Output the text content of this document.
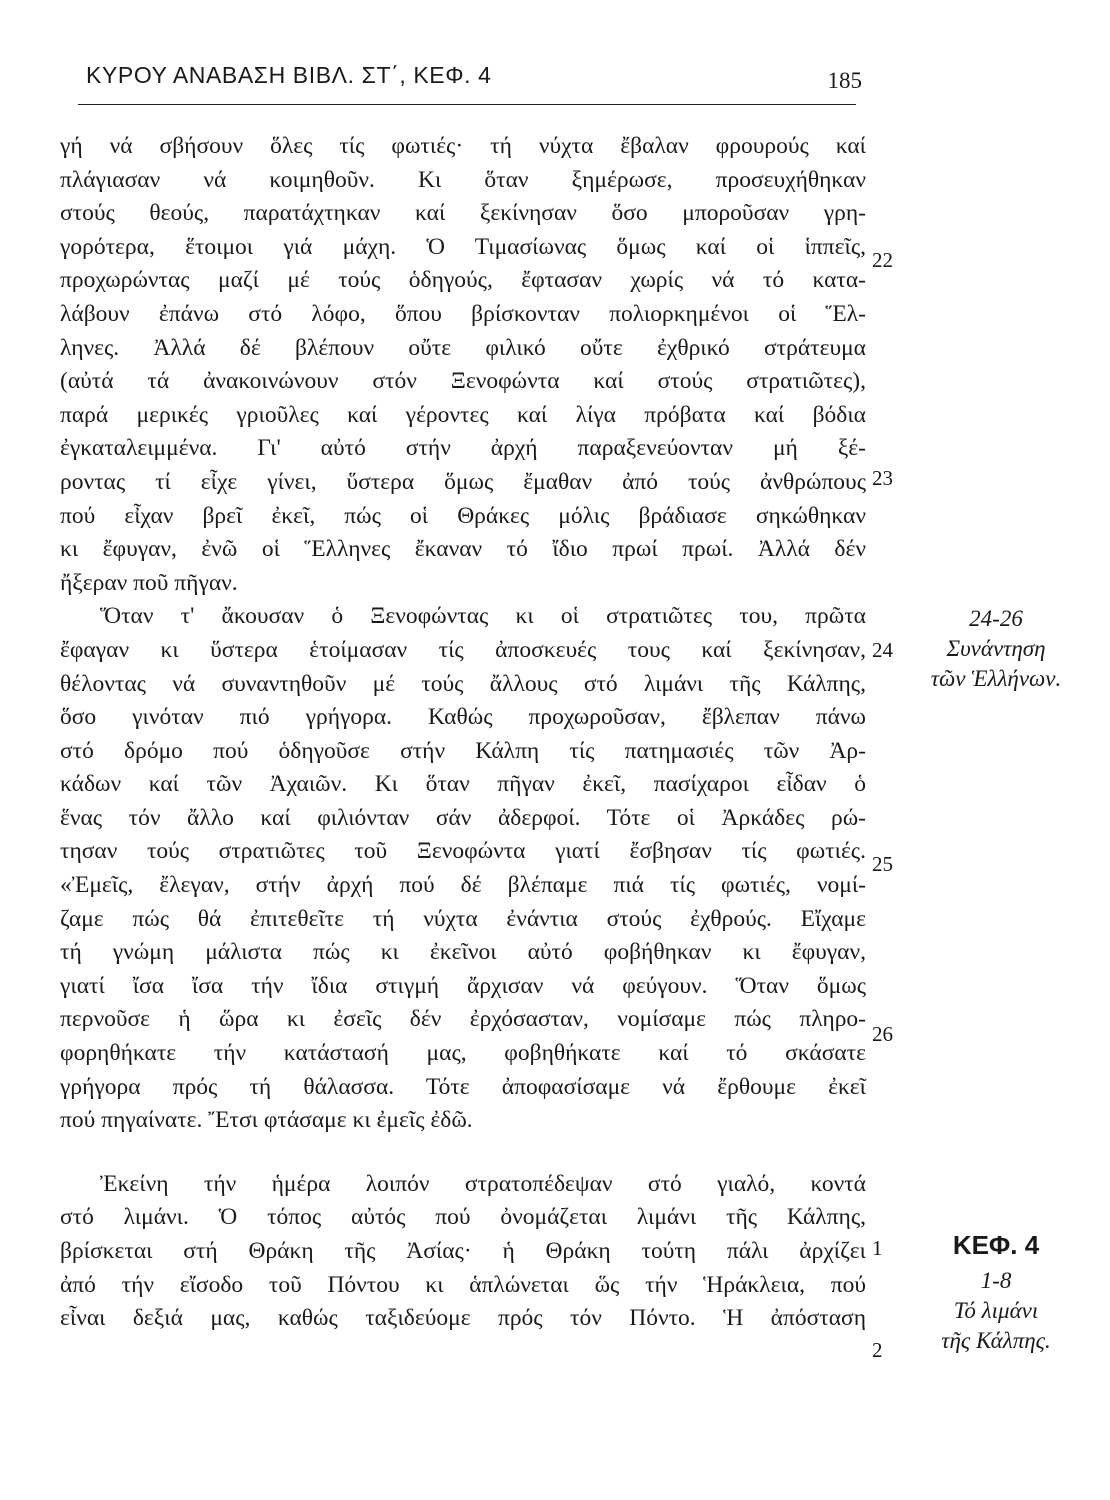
ΚΥΡΟΥ ΑΝΑΒΑΣΗ ΒΙΒΛ. ΣΤ΄, ΚΕΦ. 4	185
γή νά σβήσουν ὅλες τίς φωτιές· τή νύχτα ἔβαλαν φρουρούς καί
πλάγιασαν νά κοιμηθοῦν. Κι ὅταν ξημέρωσε, προσευχήθηκαν
στούς θεούς, παρατάχτηκαν καί ξεκίνησαν ὅσο μποροῦσαν γρη-
γορότερα, ἕτοιμοι γιά μάχη. Ὁ Τιμασίωνας ὅμως καί οἱ ἱππεῖς,
προχωρώντας μαζί μέ τούς ὁδηγούς, ἔφτασαν χωρίς νά τό κατα-
λάβουν ἐπάνω στό λόφο, ὅπου βρίσκονταν πολιορκημένοι οἱ Ἕλ-
ληνες. Ἀλλά δέ βλέπουν οὔτε φιλικό οὔτε ἐχθρικό στράτευμα
(αὐτά τά ἀνακοινώνουν στόν Ξενοφώντα καί στούς στρατιῶτες),
παρά μερικές γριοῦλες καί γέροντες καί λίγα πρόβατα καί βόδια
ἐγκαταλειμμένα. Γι' αὐτό στήν ἀρχή παραξενεύονταν μή ξέ-
ροντας τί εἶχε γίνει, ὕστερα ὅμως ἔμαθαν ἀπό τούς ἀνθρώπους
πού εἶχαν βρεῖ ἐκεῖ, πώς οἱ Θράκες μόλις βράδιασε σηκώθηκαν
κι ἔφυγαν, ἐνῶ οἱ Ἕλληνες ἔκαναν τό ἴδιο πρωί πρωί. Ἀλλά δέν
ἤξεραν ποῦ πῆγαν.
Ὅταν τ' ἄκουσαν ὁ Ξενοφώντας κι οἱ στρατιῶτες του, πρῶτα
ἔφαγαν κι ὕστερα ἑτοίμασαν τίς ἀποσκευές τους καί ξεκίνησαν,
θέλοντας νά συναντηθοῦν μέ τούς ἄλλους στό λιμάνι τῆς Κάλπης,
ὅσο γινόταν πιό γρήγορα. Καθώς προχωροῦσαν, ἔβλεπαν πάνω
στό δρόμο πού ὁδηγοῦσε στήν Κάλπη τίς πατημασιές τῶν Ἀρ-
κάδων καί τῶν Ἀχαιῶν. Κι ὅταν πῆγαν ἐκεῖ, πασίχαροι εἶδαν ὁ
ἕνας τόν ἄλλο καί φιλιόνταν σάν ἀδερφοί. Τότε οἱ Ἀρκάδες ρώ-
τησαν τούς στρατιῶτες τοῦ Ξενοφώντα γιατί ἔσβησαν τίς φωτιές.
«Ἐμεῖς, ἔλεγαν, στήν ἀρχή πού δέ βλέπαμε πιά τίς φωτιές, νομί-
ζαμε πώς θά ἐπιτεθεῖτε τή νύχτα ἐνάντια στούς ἐχθρούς. Εἴχαμε
τή γνώμη μάλιστα πώς κι ἐκεῖνοι αὐτό φοβήθηκαν κι ἔφυγαν,
γιατί ἴσα ἴσα τήν ἴδια στιγμή ἄρχισαν νά φεύγουν. Ὅταν ὅμως
περνοῦσε ἡ ὥρα κι ἐσεῖς δέν ἐρχόσασταν, νομίσαμε πώς πληρο-
φορηθήκατε τήν κατάστασή μας, φοβηθήκατε καί τό σκάσατε
γρήγορα πρός τή θάλασσα. Τότε ἀποφασίσαμε νά ἔρθουμε ἐκεῖ
πού πηγαίνατε. Ἔτσι φτάσαμε κι ἐμεῖς ἐδῶ.
Ἐκείνη τήν ἡμέρα λοιπόν στρατοπέδεψαν στό γιαλό, κοντά
στό λιμάνι. Ὁ τόπος αὐτός πού ὀνομάζεται λιμάνι τῆς Κάλπης,
βρίσκεται στή Θράκη τῆς Ἀσίας· ἡ Θράκη τούτη πάλι ἀρχίζει
ἀπό τήν εἴσοδο τοῦ Πόντου κι ἁπλώνεται ὥς τήν Ἡράκλεια, πού
εἶναι δεξιά μας, καθώς ταξιδεύομε πρός τόν Πόντο. Ἡ ἀπόσταση
22
23
24
25
26
1
2
24-26
Συνάντηση
τῶν Ἑλλήνων.
ΚΕΦ. 4
1-8
Τό λιμάνι
τῆς Κάλπης.
